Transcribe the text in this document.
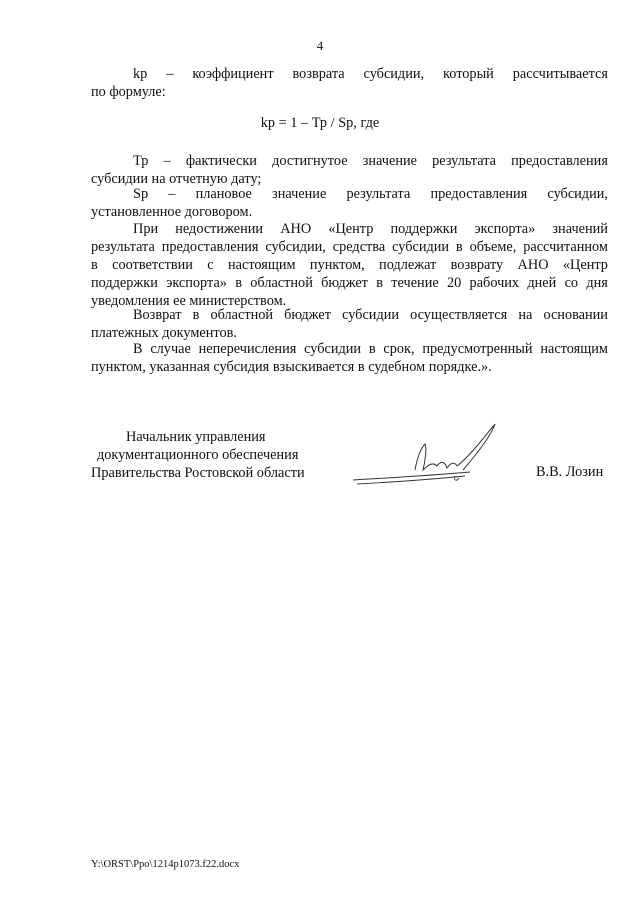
4
kр – коэффициент возврата субсидии, который рассчитывается
по формуле:
kр = 1 – Тр / Sр, где
Тр – фактически достигнутое значение результата предоставления
субсидии на отчетную дату;
Sр – плановое значение результата предоставления субсидии,
установленное договором.
При недостижении АНО «Центр поддержки экспорта» значений
результата предоставления субсидии, средства субсидии в объеме, рассчитанном
в соответствии с настоящим пунктом, подлежат возврату АНО «Центр
поддержки экспорта» в областной бюджет в течение 20 рабочих дней со дня
уведомления ее министерством.
Возврат в областной бюджет субсидии осуществляется на основании
платежных документов.
В случае неперечисления субсидии в срок, предусмотренный настоящим
пунктом, указанная субсидия взыскивается в судебном порядке.».
Начальник управления
документационного обеспечения
Правительства Ростовской области	В.В. Лозин
Y:\ORST\Ppo\1214p1073.f22.docx
